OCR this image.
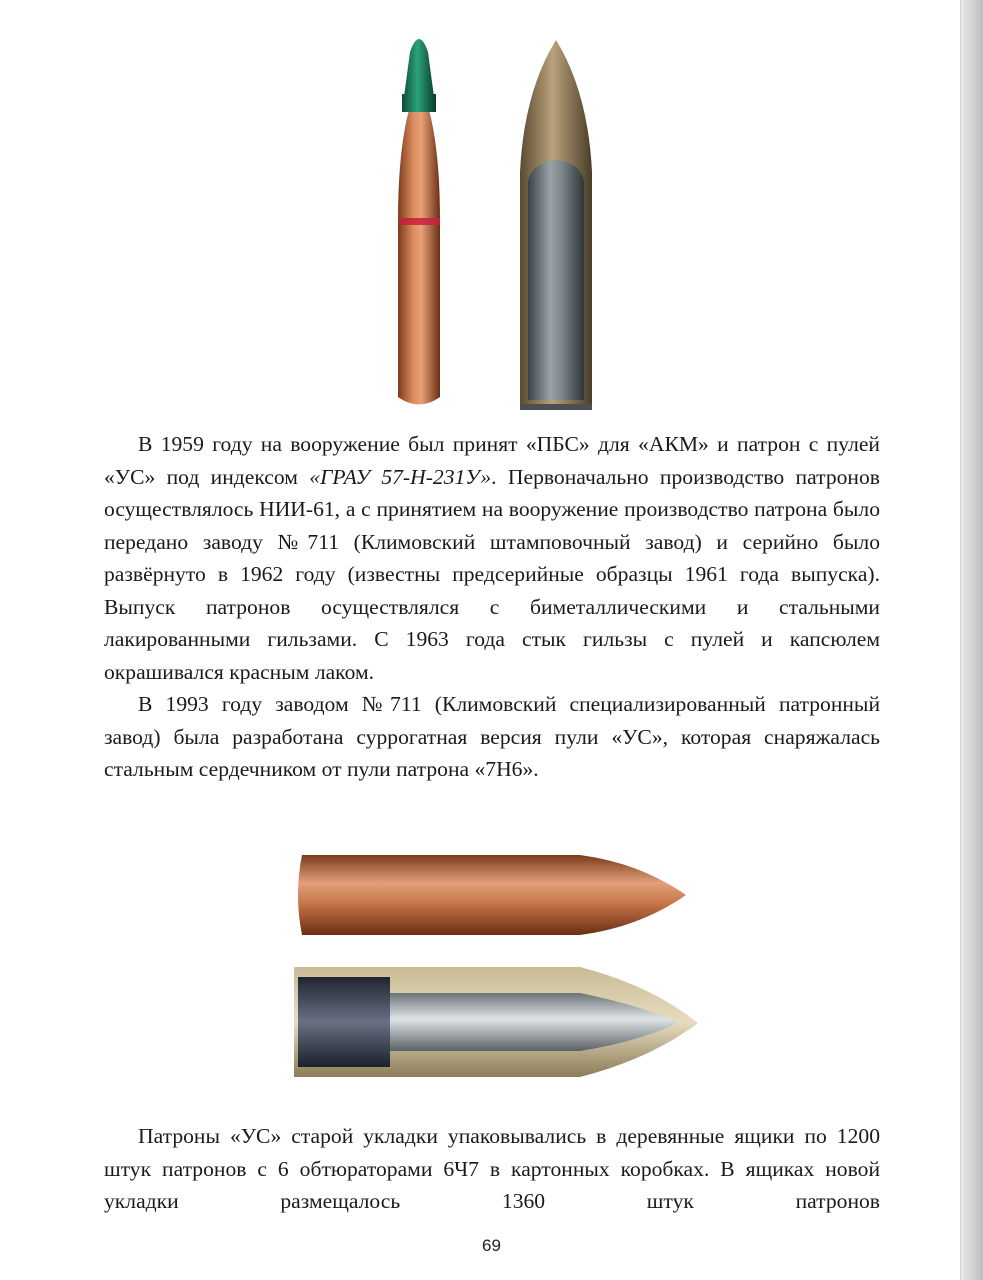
В 1959 году на вооружение был принят «ПБС» для «АКМ» и патрон с пулей «УС» под индексом «ГРАУ 57-Н-231У». Первоначально производство патронов осуществлялось НИИ-61, а с принятием на вооружение производство патрона было передано заводу №711 (Климовский штамповочный завод) и серийно было развёрнуто в 1962 году (известны предсерийные образцы 1961 года выпуска). Выпуск патронов осуществлялся с биметаллическими и стальными лакированными гильзами. С 1963 года стык гильзы с пулей и капсюлем окрашивался красным лаком.

В 1993 году заводом №711 (Климовский специализированный патронный завод) была разработана суррогатная версия пули «УС», которая снаряжалась стальным сердечником от пули патрона «7Н6».

Патроны «УС» старой укладки упаковывались в деревянные ящики по 1200 штук патронов с 6 обтюраторами 6Ч7 в картонных коробках. В ящиках новой укладки размещалось 1360 штук патронов

69
